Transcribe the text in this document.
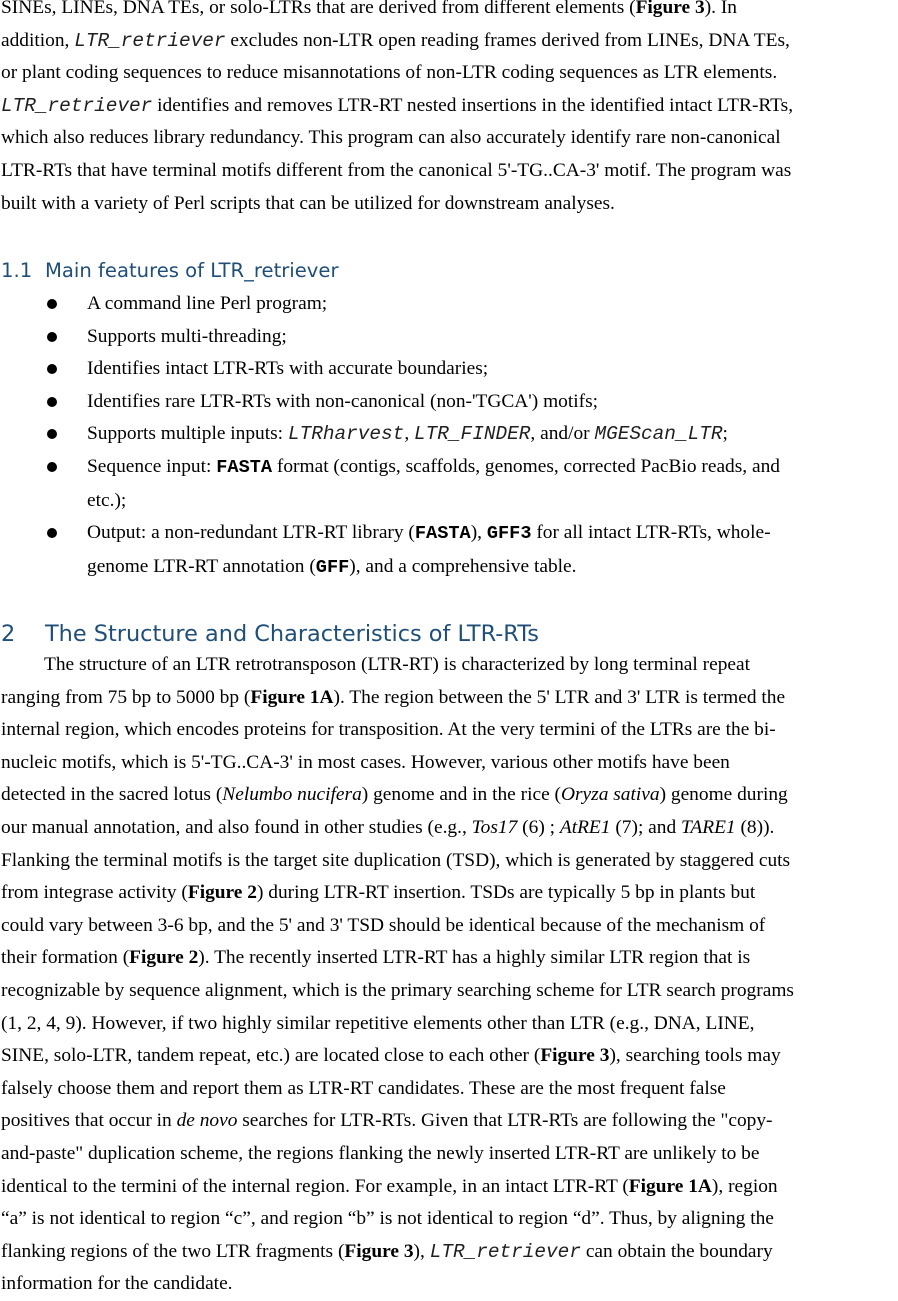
SINEs, LINEs, DNA TEs, or solo-LTRs that are derived from different elements (Figure 3). In
addition, LTR_retriever excludes non-LTR open reading frames derived from LINEs, DNA TEs,
or plant coding sequences to reduce misannotations of non-LTR coding sequences as LTR elements.
LTR_retriever identifies and removes LTR-RT nested insertions in the identified intact LTR-RTs,
which also reduces library redundancy. This program can also accurately identify rare non-canonical
LTR-RTs that have terminal motifs different from the canonical 5'-TG..CA-3' motif. The program was
built with a variety of Perl scripts that can be utilized for downstream analyses.
1.1 Main features of LTR_retriever
A command line Perl program;
Supports multi-threading;
Identifies intact LTR-RTs with accurate boundaries;
Identifies rare LTR-RTs with non-canonical (non-'TGCA') motifs;
Supports multiple inputs: LTRharvest, LTR_FINDER, and/or MGEScan_LTR;
Sequence input: FASTA format (contigs, scaffolds, genomes, corrected PacBio reads, and
etc.);
Output: a non-redundant LTR-RT library (FASTA), GFF3 for all intact LTR-RTs, whole-
genome LTR-RT annotation (GFF), and a comprehensive table.
2 The Structure and Characteristics of LTR-RTs
The structure of an LTR retrotransposon (LTR-RT) is characterized by long terminal repeat
ranging from 75 bp to 5000 bp (Figure 1A). The region between the 5' LTR and 3' LTR is termed the
internal region, which encodes proteins for transposition. At the very termini of the LTRs are the bi-
nucleic motifs, which is 5'-TG..CA-3' in most cases. However, various other motifs have been
detected in the sacred lotus (Nelumbo nucifera) genome and in the rice (Oryza sativa) genome during
our manual annotation, and also found in other studies (e.g., Tos17 (6) ; AtRE1 (7); and TARE1 (8)).
Flanking the terminal motifs is the target site duplication (TSD), which is generated by staggered cuts
from integrase activity (Figure 2) during LTR-RT insertion. TSDs are typically 5 bp in plants but
could vary between 3-6 bp, and the 5' and 3' TSD should be identical because of the mechanism of
their formation (Figure 2). The recently inserted LTR-RT has a highly similar LTR region that is
recognizable by sequence alignment, which is the primary searching scheme for LTR search programs
(1, 2, 4, 9). However, if two highly similar repetitive elements other than LTR (e.g., DNA, LINE,
SINE, solo-LTR, tandem repeat, etc.) are located close to each other (Figure 3), searching tools may
falsely choose them and report them as LTR-RT candidates. These are the most frequent false
positives that occur in de novo searches for LTR-RTs. Given that LTR-RTs are following the "copy-
and-paste" duplication scheme, the regions flanking the newly inserted LTR-RT are unlikely to be
identical to the termini of the internal region. For example, in an intact LTR-RT (Figure 1A), region
“a” is not identical to region “c”, and region “b” is not identical to region “d”. Thus, by aligning the
flanking regions of the two LTR fragments (Figure 3), LTR_retriever can obtain the boundary
information for the candidate.
